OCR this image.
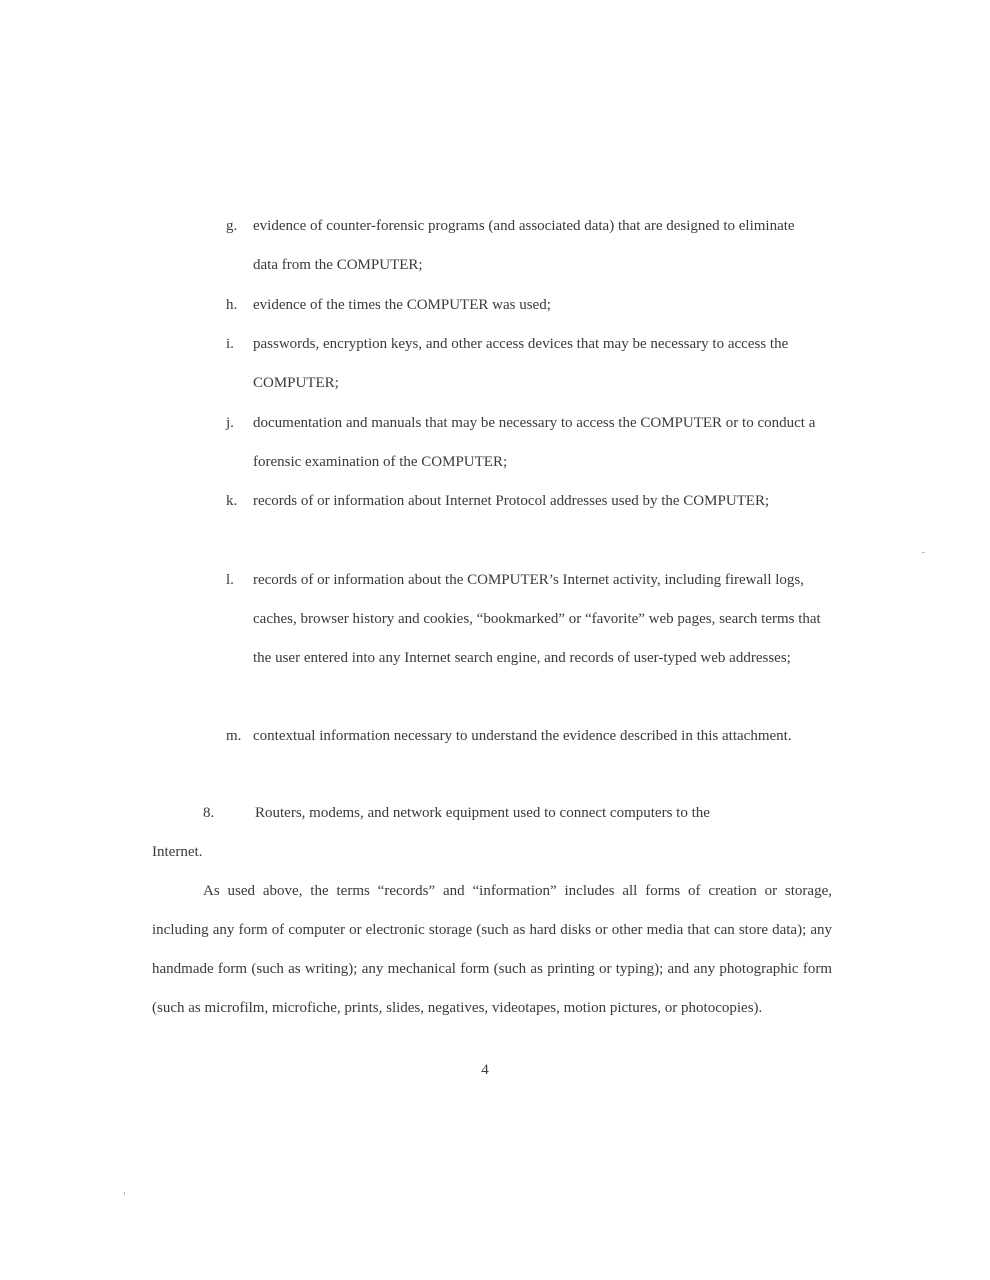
g.	evidence of counter-forensic programs (and associated data) that are designed to eliminate data from the COMPUTER;
h.	evidence of the times the COMPUTER was used;
i.	passwords, encryption keys, and other access devices that may be necessary to access the COMPUTER;
j.	documentation and manuals that may be necessary to access the COMPUTER or to conduct a forensic examination of the COMPUTER;
k.	records of or information about Internet Protocol addresses used by the COMPUTER;
l.	records of or information about the COMPUTER’s Internet activity, including firewall logs, caches, browser history and cookies, “bookmarked” or “favorite” web pages, search terms that the user entered into any Internet search engine, and records of user-typed web addresses;
m. contextual information necessary to understand the evidence described in this attachment.
8.	Routers, modems, and network equipment used to connect computers to the
Internet.
As used above, the terms “records” and “information” includes all forms of creation or storage, including any form of computer or electronic storage (such as hard disks or other media that can store data); any handmade form (such as writing); any mechanical form (such as printing or typing); and any photographic form (such as microfilm, microfiche, prints, slides, negatives, videotapes, motion pictures, or photocopies).
4
